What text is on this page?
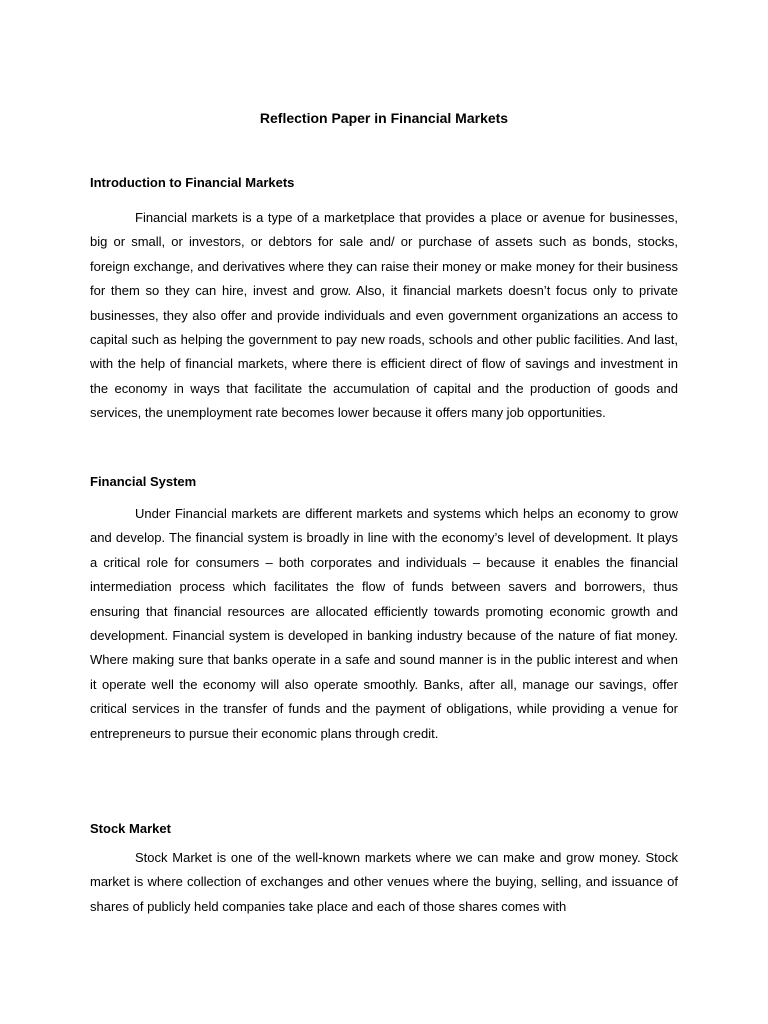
Reflection Paper in Financial Markets
Introduction to Financial Markets

Financial markets is a type of a marketplace that provides a place or avenue for businesses, big or small, or investors, or debtors for sale and/ or purchase of assets such as bonds, stocks, foreign exchange, and derivatives where they can raise their money or make money for their business for them so they can hire, invest and grow. Also, it financial markets doesn’t focus only to private businesses, they also offer and provide individuals and even government organizations an access to capital such as helping the government to pay new roads, schools and other public facilities. And last, with the help of financial markets, where there is efficient direct of flow of savings and investment in the economy in ways that facilitate the accumulation of capital and the production of goods and services, the unemployment rate becomes lower because it offers many job opportunities.

Financial System

Under Financial markets are different markets and systems which helps an economy to grow and develop. The financial system is broadly in line with the economy’s level of development. It plays a critical role for consumers – both corporates and individuals – because it enables the financial intermediation process which facilitates the flow of funds between savers and borrowers, thus ensuring that financial resources are allocated efficiently towards promoting economic growth and development. Financial system is developed in banking industry because of the nature of fiat money. Where making sure that banks operate in a safe and sound manner is in the public interest and when it operate well the economy will also operate smoothly. Banks, after all, manage our savings, offer critical services in the transfer of funds and the payment of obligations, while providing a venue for entrepreneurs to pursue their economic plans through credit.

Stock Market

Stock Market is one of the well-known markets where we can make and grow money. Stock market is where collection of exchanges and other venues where the buying, selling, and issuance of shares of publicly held companies take place and each of those shares comes with
